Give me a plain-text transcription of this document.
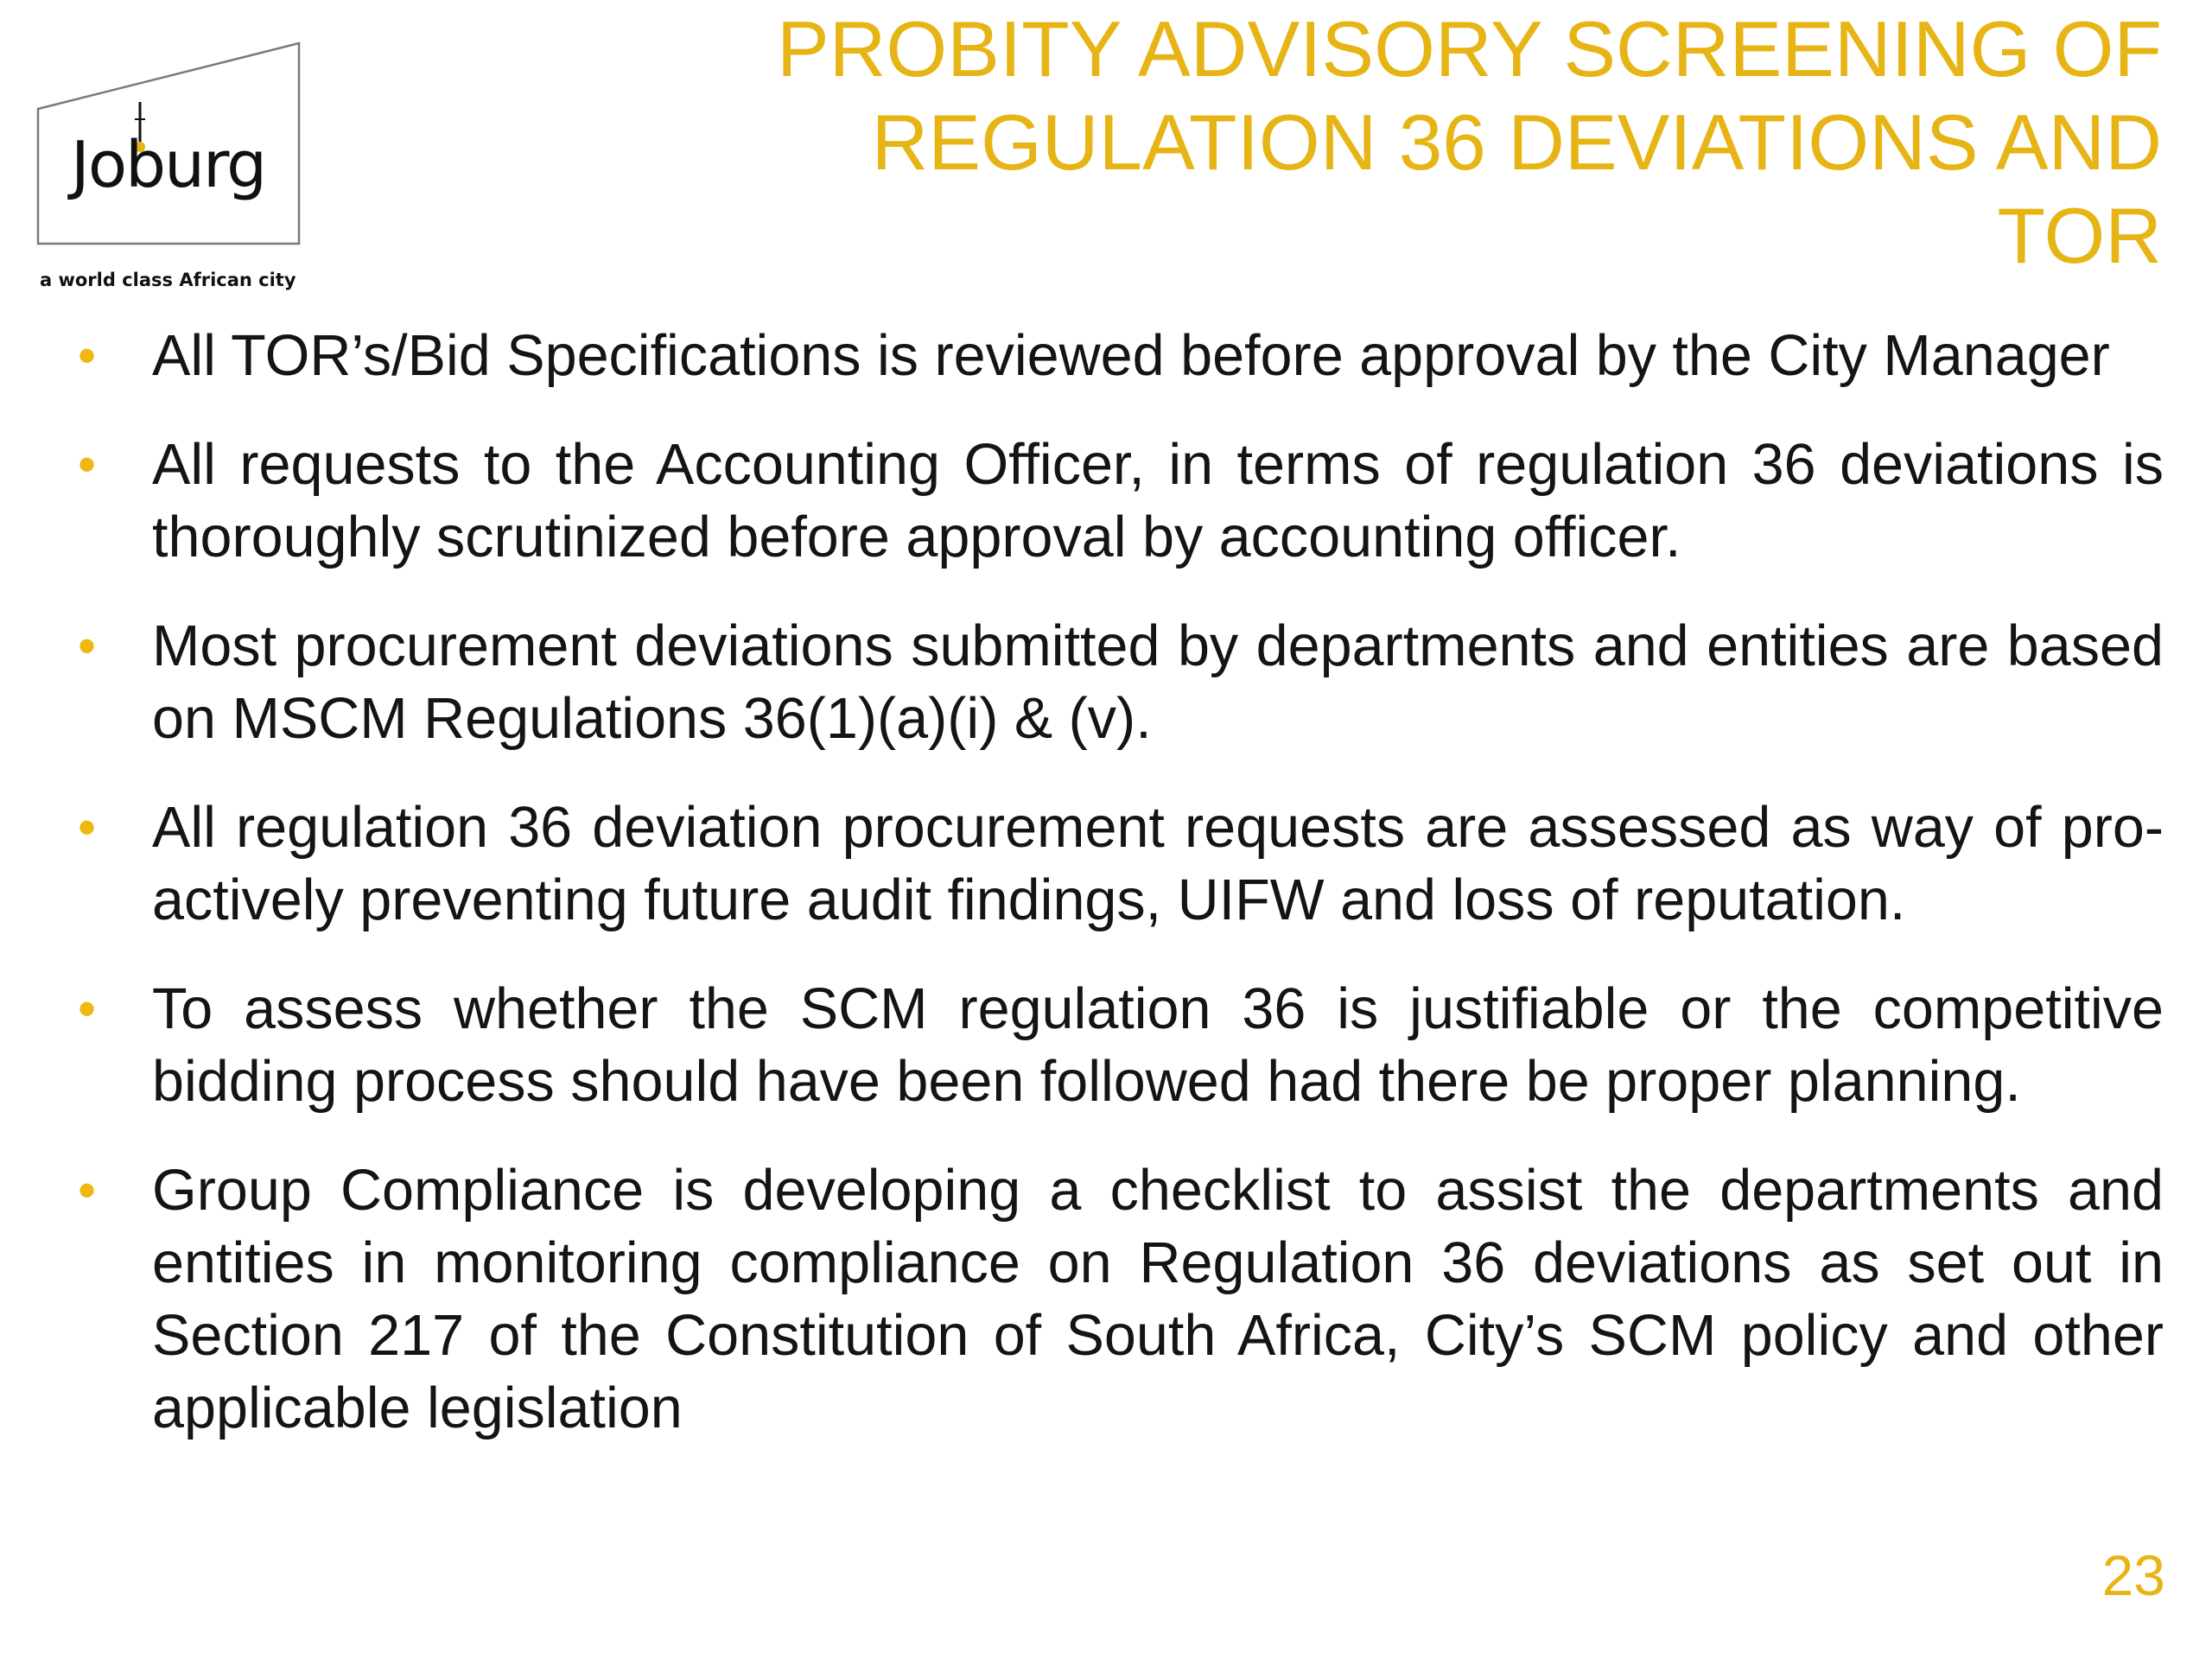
Joburg
a world class African city
PROBITY ADVISORY SCREENING OF
REGULATION 36 DEVIATIONS AND TOR
• All TOR’s/Bid Specifications is reviewed before approval by the City Manager
• All requests to the Accounting Officer, in terms of regulation 36 deviations is thoroughly scrutinized before approval by accounting officer.
• Most procurement deviations submitted by departments and entities are based on MSCM Regulations 36(1)(a)(i) & (v).
• All regulation 36 deviation procurement requests are assessed as way of pro-actively preventing future audit findings, UIFW and loss of reputation.
• To assess whether the SCM regulation 36 is justifiable or the competitive bidding process should have been followed had there be proper planning.
• Group Compliance is developing a checklist to assist the departments and entities in monitoring compliance on Regulation 36 deviations as set out in Section 217 of the Constitution of South Africa, City’s SCM policy and other applicable legislation
23
